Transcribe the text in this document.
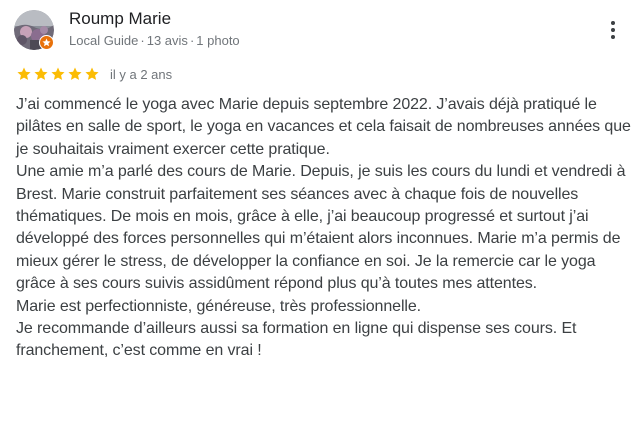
Roump Marie
Local Guide · 13 avis · 1 photo
il y a 2 ans
J’ai commencé le yoga avec Marie depuis septembre 2022. J’avais déjà pratiqué le pilâtes en salle de sport, le yoga en vacances et cela faisait de nombreuses années que je souhaitais vraiment exercer cette pratique.
Une amie m’a parlé des cours de Marie. Depuis, je suis les cours du lundi et vendredi à Brest. Marie construit parfaitement ses séances avec à chaque fois de nouvelles thématiques. De mois en mois, grâce à elle, j’ai beaucoup progressé et surtout j’ai développé des forces personnelles qui m’étaient alors inconnues. Marie m’a permis de mieux gérer le stress, de développer la confiance en soi. Je la remercie car le yoga grâce à ses cours suivis assidûment répond plus qu’à toutes mes attentes.
Marie est perfectionniste, généreuse, très professionnelle.
Je recommande d’ailleurs aussi sa formation en ligne qui dispense ses cours. Et franchement, c’est comme en vrai !
